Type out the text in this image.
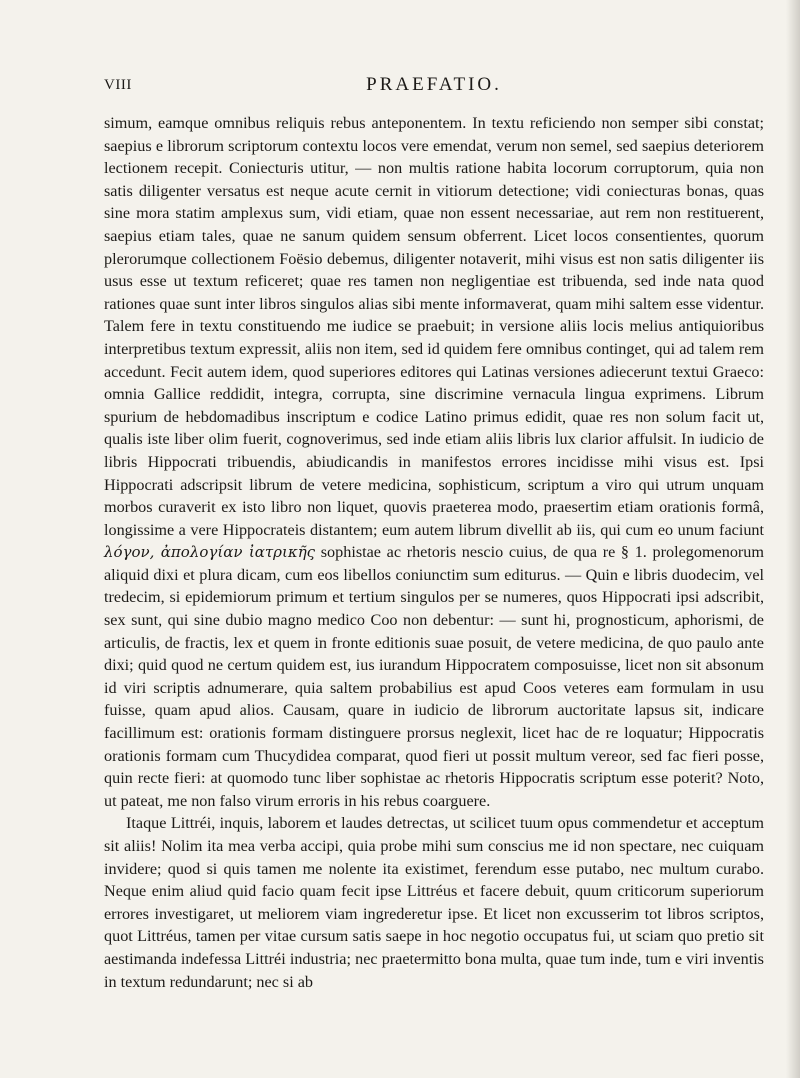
VIII	PRAEFATIO.

simum, eamque omnibus reliquis rebus anteponentem. In textu reficiendo non semper sibi constat; saepius e librorum scriptorum contextu locos vere emendat, verum non semel, sed saepius deteriorem lectionem recepit. Coniecturis utitur, — non multis ratione habita locorum corruptorum, quia non satis diligenter versatus est neque acute cernit in vitiorum detectione; vidi coniecturas bonas, quas sine mora statim amplexus sum, vidi etiam, quae non essent necessariae, aut rem non restituerent, saepius etiam tales, quae ne sanum quidem sensum obferrent. Licet locos consentientes, quorum plerorumque collectionem Foësio debemus, diligenter notaverit, mihi visus est non satis diligenter iis usus esse ut textum reficeret; quae res tamen non negligentiae est tribuenda, sed inde nata quod rationes quae sunt inter libros singulos alias sibi mente informaverat, quam mihi saltem esse videntur. Talem fere in textu constituendo me iudice se praebuit; in versione aliis locis melius antiquioribus interpretibus textum expressit, aliis non item, sed id quidem fere omnibus continget, qui ad talem rem accedunt. Fecit autem idem, quod superiores editores qui Latinas versiones adiecerunt textui Graeco: omnia Gallice reddidit, integra, corrupta, sine discrimine vernacula lingua exprimens. Librum spurium de hebdomadibus inscriptum e codice Latino primus edidit, quae res non solum facit ut, qualis iste liber olim fuerit, cognoverimus, sed inde etiam aliis libris lux clarior affulsit. In iudicio de libris Hippocrati tribuendis, abiudicandis in manifestos errores incidisse mihi visus est. Ipsi Hippocrati adscripsit librum de vetere medicina, sophisticum, scriptum a viro qui utrum unquam morbos curaverit ex isto libro non liquet, quovis praeterea modo, praesertim etiam orationis formâ, longissime a vere Hippocrateis distantem; eum autem librum divellit ab iis, qui cum eo unum faciunt λόγον, ἀπολογίαν ἰατρικῆς sophistae ac rhetoris nescio cuius, de qua re § 1. prolegomenorum aliquid dixi et plura dicam, cum eos libellos coniunctim sum editurus. — Quin e libris duodecim, vel tredecim, si epidemiorum primum et tertium singulos per se numeres, quos Hippocrati ipsi adscribit, sex sunt, qui sine dubio magno medico Coo non debentur: — sunt hi, prognosticum, aphorismi, de articulis, de fractis, lex et quem in fronte editionis suae posuit, de vetere medicina, de quo paulo ante dixi; quid quod ne certum quidem est, ius iurandum Hippocratem composuisse, licet non sit absonum id viri scriptis adnumerare, quia saltem probabilius est apud Coos veteres eam formulam in usu fuisse, quam apud alios. Causam, quare in iudicio de librorum auctoritate lapsus sit, indicare facillimum est: orationis formam distinguere prorsus neglexit, licet hac de re loquatur; Hippocratis orationis formam cum Thucydidea comparat, quod fieri ut possit multum vereor, sed fac fieri posse, quin recte fieri: at quomodo tunc liber sophistae ac rhetoris Hippocratis scriptum esse poterit? Noto, ut pateat, me non falso virum erroris in his rebus coarguere.

Itaque Littréi, inquis, laborem et laudes detrectas, ut scilicet tuum opus commendetur et acceptum sit aliis! Nolim ita mea verba accipi, quia probe mihi sum conscius me id non spectare, nec cuiquam invidere; quod si quis tamen me nolente ita existimet, ferendum esse putabo, nec multum curabo. Neque enim aliud quid facio quam fecit ipse Littréus et facere debuit, quum criticorum superiorum errores investigaret, ut meliorem viam ingrederetur ipse. Et licet non excusserim tot libros scriptos, quot Littréus, tamen per vitae cursum satis saepe in hoc negotio occupatus fui, ut sciam quo pretio sit aestimanda indefessa Littréi industria; nec praetermitto bona multa, quae tum inde, tum e viri inventis in textum redundarunt; nec si ab
